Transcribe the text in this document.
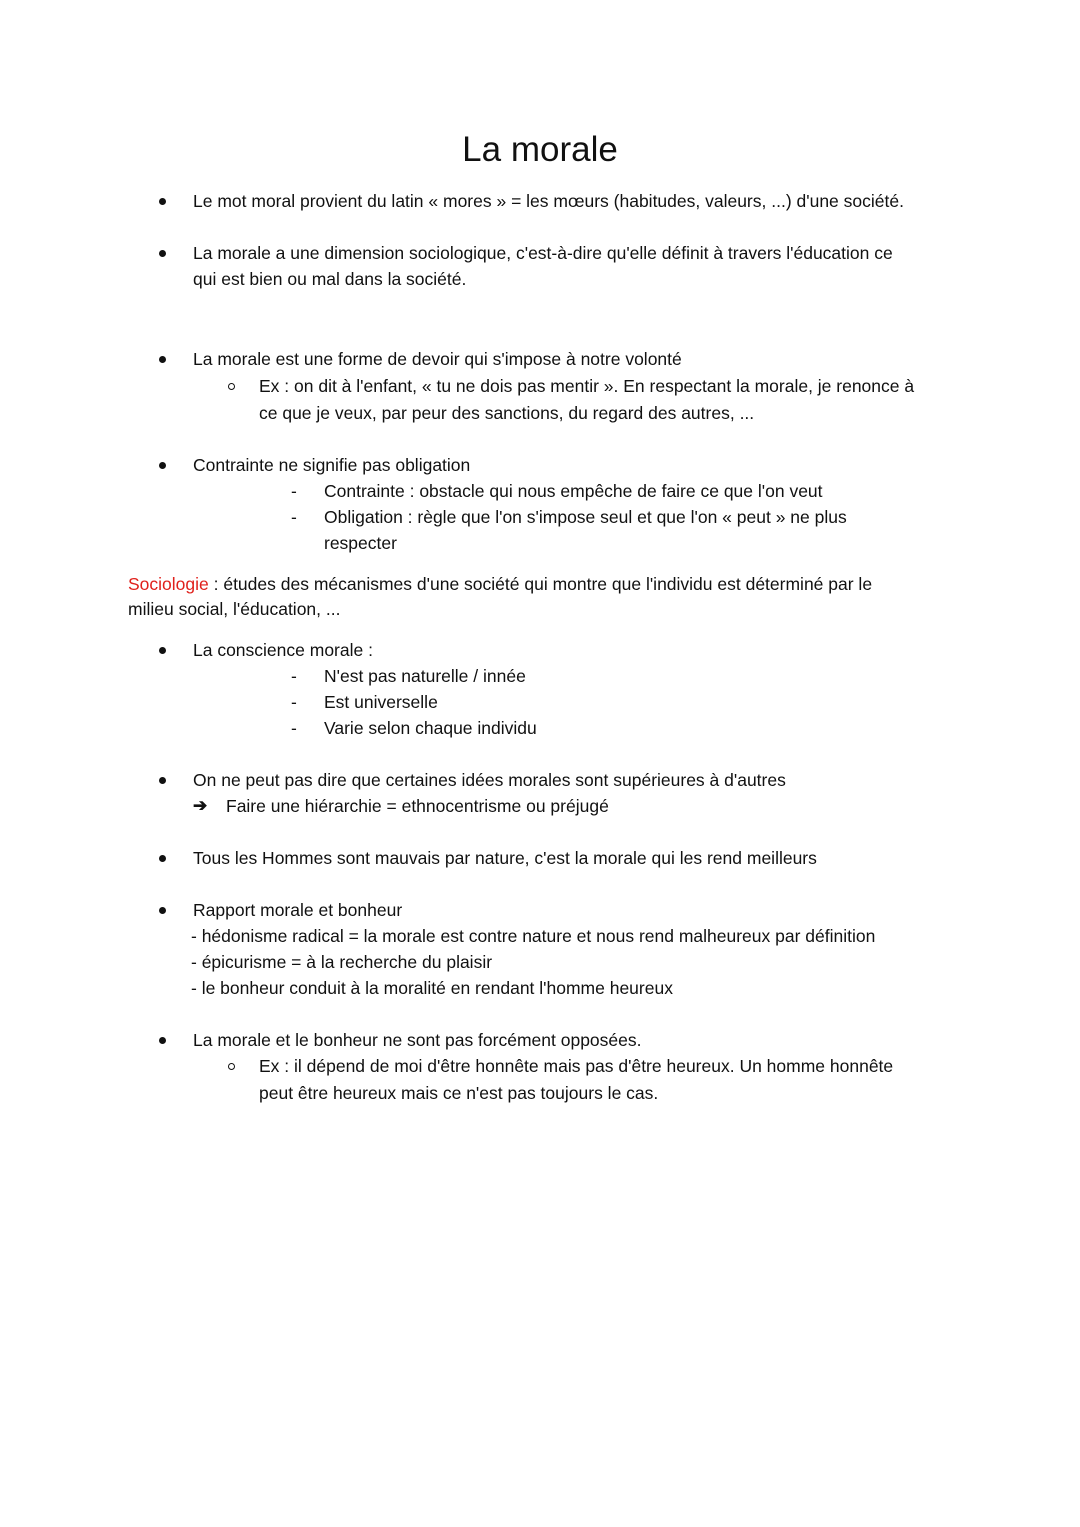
La morale
Le mot moral provient du latin « mores » = les mœurs (habitudes, valeurs, ...) d'une société.
La morale a une dimension sociologique, c'est-à-dire qu'elle définit à travers l'éducation ce
qui est bien ou mal dans la société.
La morale est une forme de devoir qui s'impose à notre volonté
Ex : on dit à l'enfant, « tu ne dois pas mentir ». En respectant la morale, je renonce à
ce que je veux, par peur des sanctions, du regard des autres, ...
Contrainte ne signifie pas obligation
- Contrainte : obstacle qui nous empêche de faire ce que l'on veut
- Obligation : règle que l'on s'impose seul et que l'on « peut » ne plus
respecter
Sociologie : études des mécanismes d'une société qui montre que l'individu est déterminé par le
milieu social, l'éducation, ...
La conscience morale :
- N'est pas naturelle / innée
- Est universelle
- Varie selon chaque individu
On ne peut pas dire que certaines idées morales sont supérieures à d'autres
➔ Faire une hiérarchie = ethnocentrisme ou préjugé
Tous les Hommes sont mauvais par nature, c'est la morale qui les rend meilleurs
Rapport morale et bonheur
- hédonisme radical = la morale est contre nature et nous rend malheureux par définition
- épicurisme = à la recherche du plaisir
- le bonheur conduit à la moralité en rendant l'homme heureux
La morale et le bonheur ne sont pas forcément opposées.
Ex : il dépend de moi d'être honnête mais pas d'être heureux. Un homme honnête
peut être heureux mais ce n'est pas toujours le cas.
